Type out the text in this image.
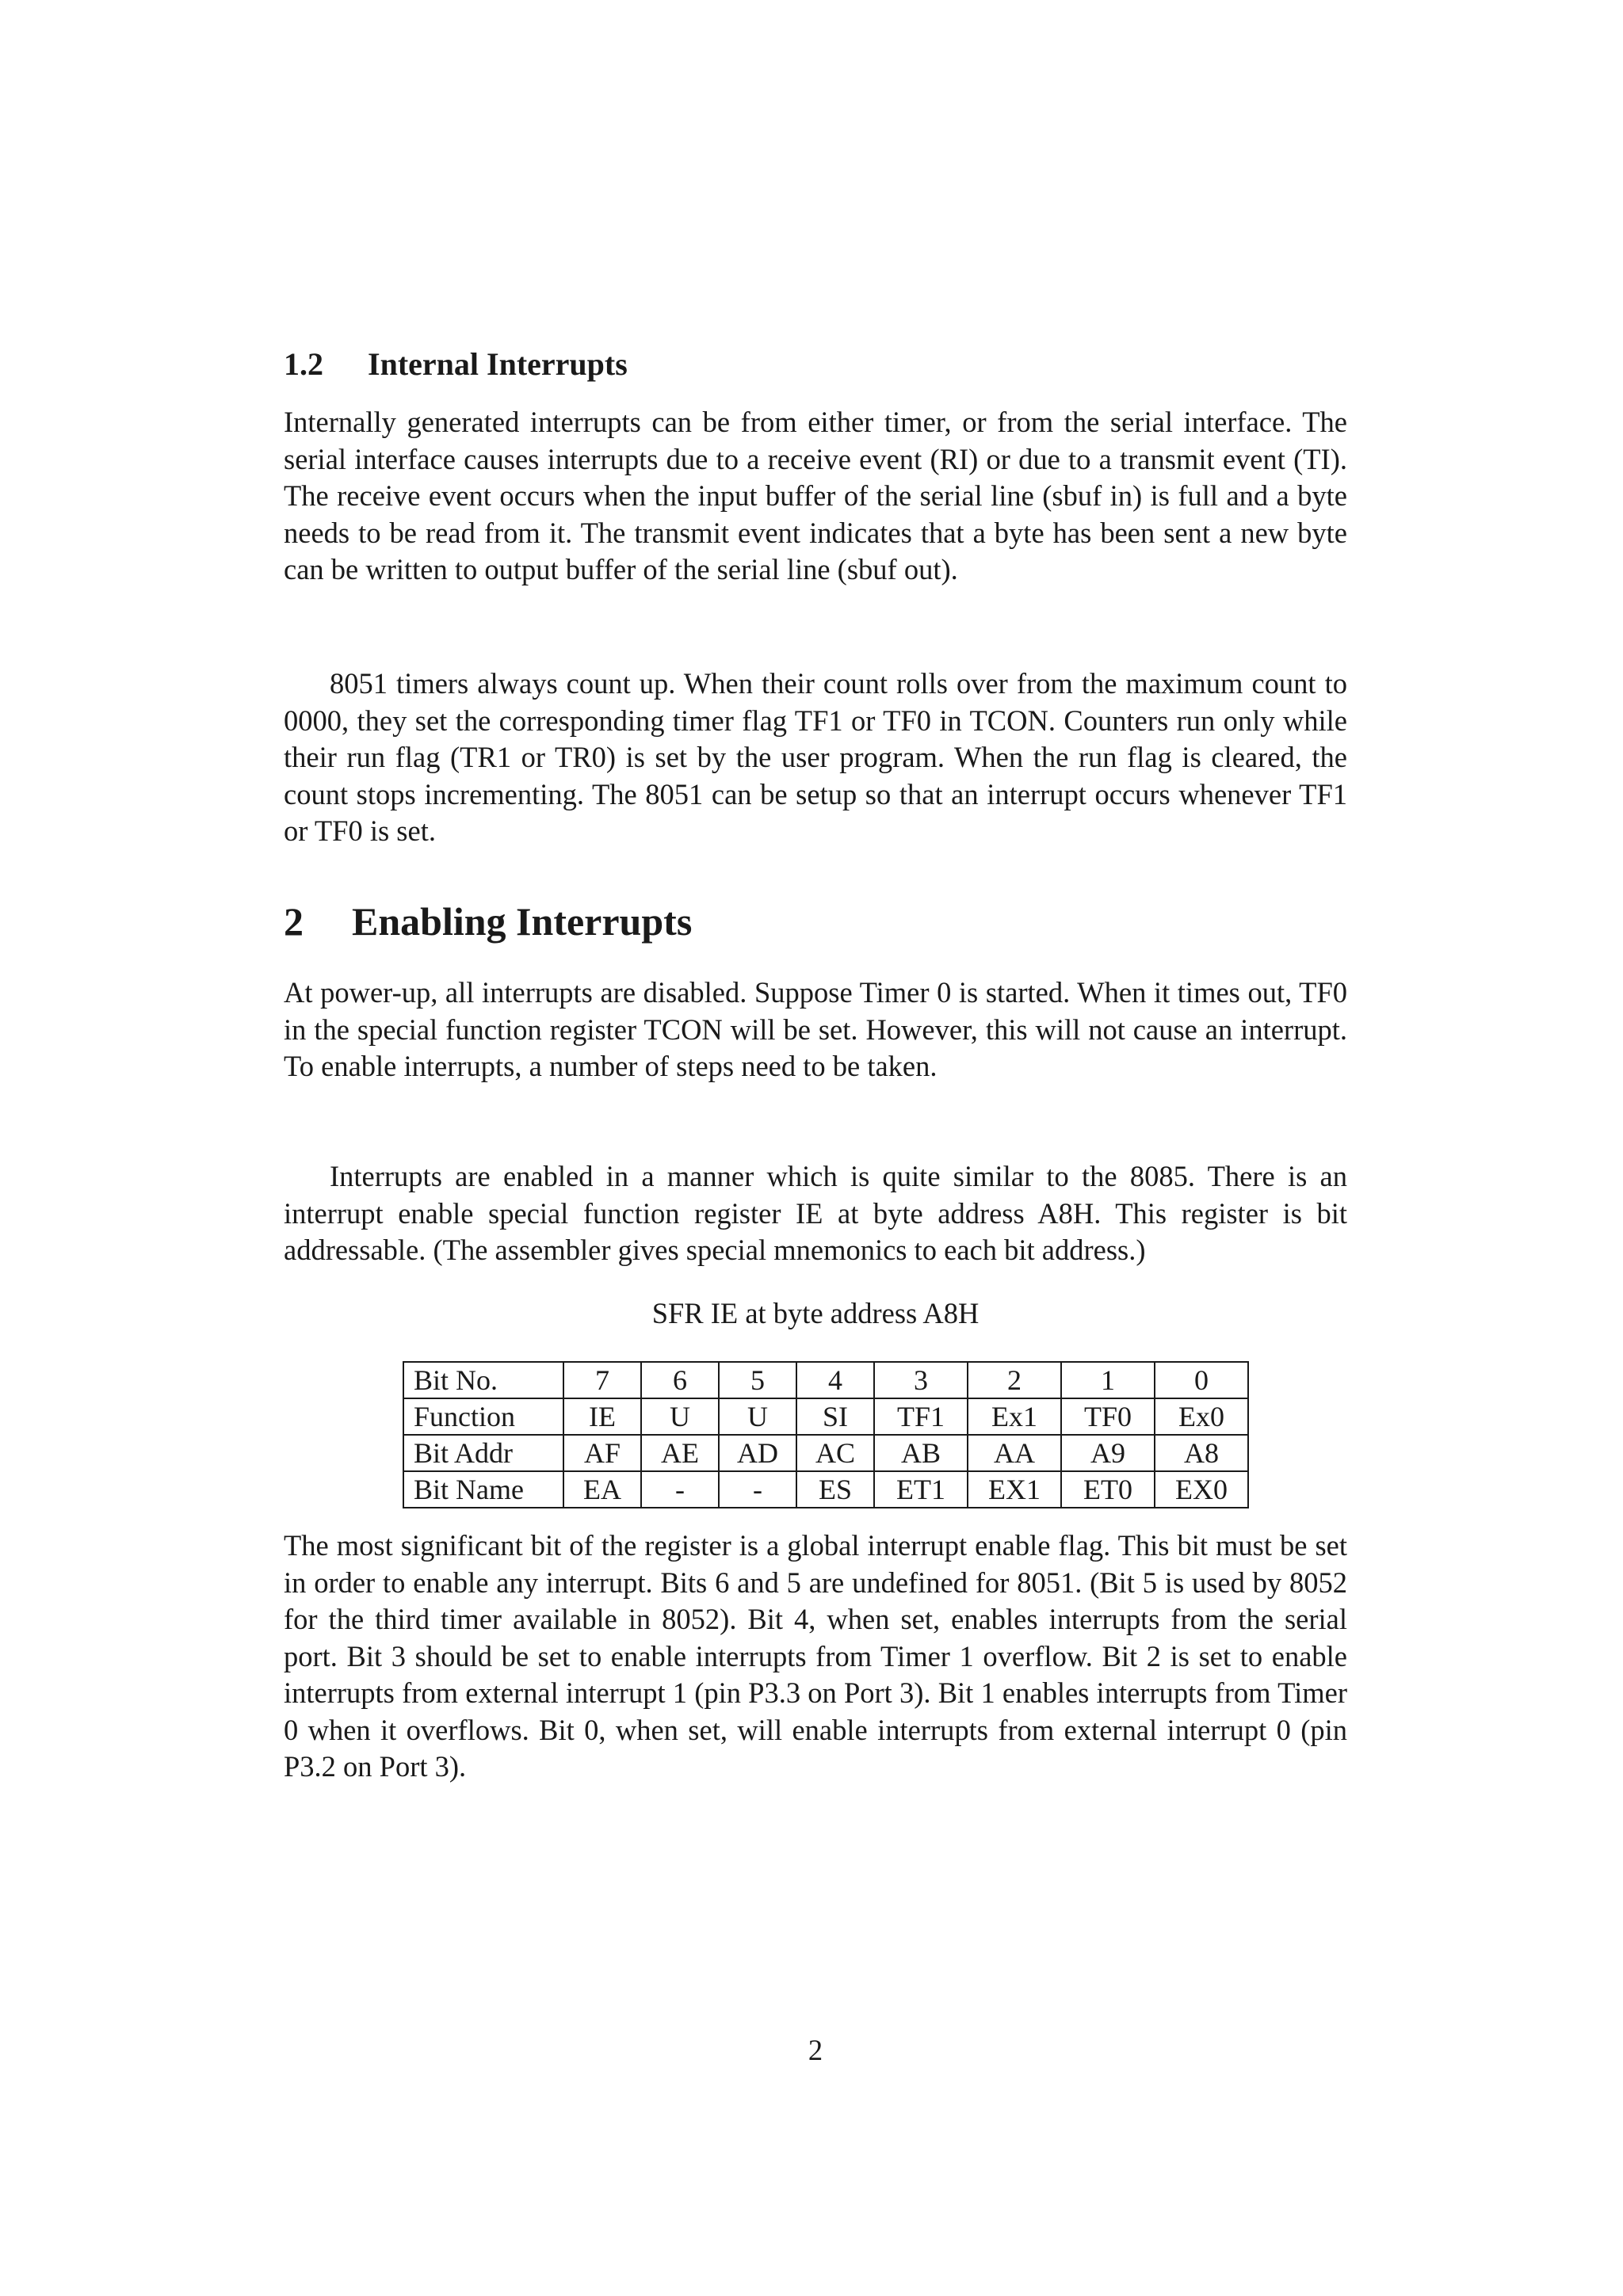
1.2 Internal Interrupts

Internally generated interrupts can be from either timer, or from the serial interface. The serial interface causes interrupts due to a receive event (RI) or due to a transmit event (TI). The receive event occurs when the input buffer of the serial line (sbuf in) is full and a byte needs to be read from it. The transmit event indicates that a byte has been sent a new byte can be written to output buffer of the serial line (sbuf out).

8051 timers always count up. When their count rolls over from the maximum count to 0000, they set the corresponding timer flag TF1 or TF0 in TCON. Counters run only while their run flag (TR1 or TR0) is set by the user program. When the run flag is cleared, the count stops incrementing. The 8051 can be setup so that an interrupt occurs whenever TF1 or TF0 is set.

2 Enabling Interrupts

At power-up, all interrupts are disabled. Suppose Timer 0 is started. When it times out, TF0 in the special function register TCON will be set. However, this will not cause an interrupt. To enable interrupts, a number of steps need to be taken.

Interrupts are enabled in a manner which is quite similar to the 8085. There is an interrupt enable special function register IE at byte address A8H. This register is bit addressable. (The assembler gives special mnemonics to each bit address.)

SFR IE at byte address A8H

Bit No.	7	6	5	4	3	2	1	0
Function	IE	U	U	SI	TF1	Ex1	TF0	Ex0
Bit Addr	AF	AE	AD	AC	AB	AA	A9	A8
Bit Name	EA	-	-	ES	ET1	EX1	ET0	EX0

The most significant bit of the register is a global interrupt enable flag. This bit must be set in order to enable any interrupt. Bits 6 and 5 are undefined for 8051. (Bit 5 is used by 8052 for the third timer available in 8052). Bit 4, when set, enables interrupts from the serial port. Bit 3 should be set to enable interrupts from Timer 1 overflow. Bit 2 is set to enable interrupts from external interrupt 1 (pin P3.3 on Port 3). Bit 1 enables interrupts from Timer 0 when it overflows. Bit 0, when set, will enable interrupts from external interrupt 0 (pin P3.2 on Port 3).

2
